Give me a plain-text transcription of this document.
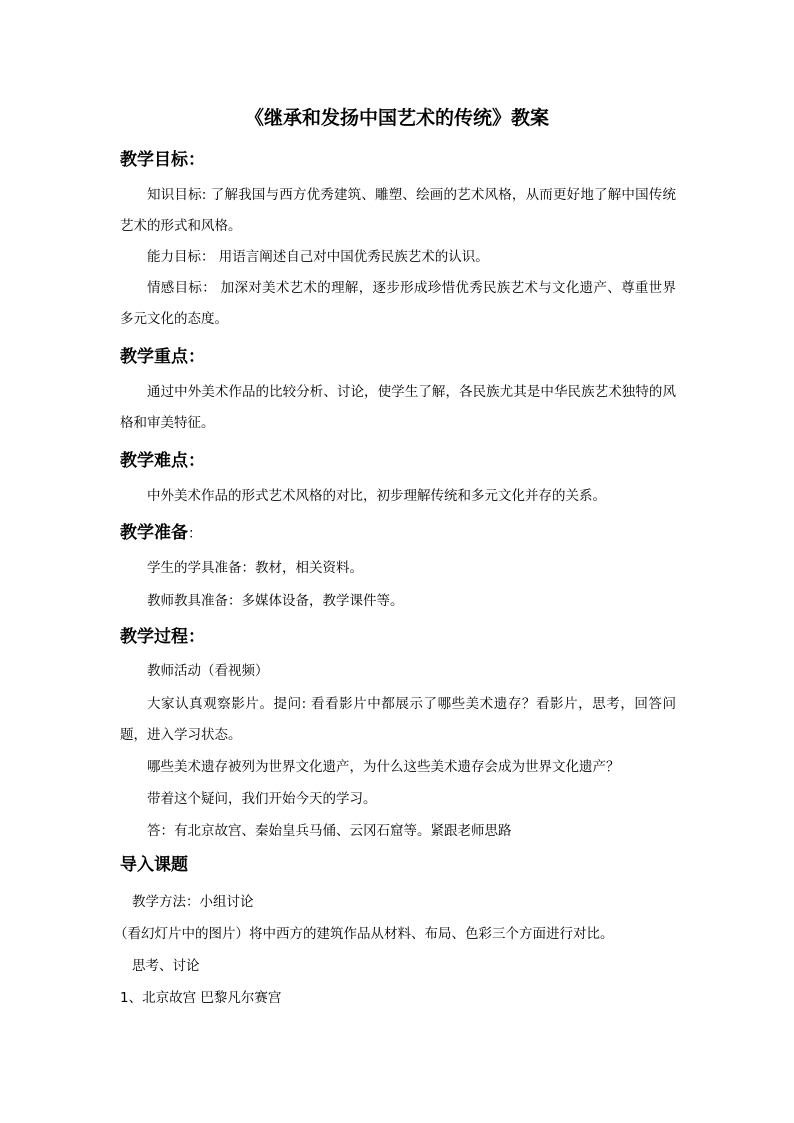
《继承和发扬中国艺术的传统》教案
教学目标：

知识目标: 了解我国与西方优秀建筑、雕塑、绘画的艺术风格，从而更好地了解中国传统艺术的形式和风格。

能力目标： 用语言阐述自己对中国优秀民族艺术的认识。

情感目标： 加深对美术艺术的理解，逐步形成珍惜优秀民族艺术与文化遗产、尊重世界多元文化的态度。

教学重点：

通过中外美术作品的比较分析、讨论，使学生了解，各民族尤其是中华民族艺术独特的风格和审美特征。

教学难点：

中外美术作品的形式艺术风格的对比，初步理解传统和多元文化并存的关系。

教学准备：

学生的学具准备：教材，相关资料。

教师教具准备：多媒体设备，教学课件等。

教学过程：

教师活动（看视频）

大家认真观察影片。提问: 看看影片中都展示了哪些美术遗存？看影片，思考，回答问题，进入学习状态。

哪些美术遗存被列为世界文化遗产，为什么这些美术遗存会成为世界文化遗产？

带着这个疑问，我们开始今天的学习。

答：有北京故宫、秦始皇兵马俑、云冈石窟等。紧跟老师思路

导入课题
教学方法：小组讨论
（看幻灯片中的图片）将中西方的建筑作品从材料、布局、色彩三个方面进行对比。
思考、讨论
1、北京故宫 巴黎凡尔赛宫
